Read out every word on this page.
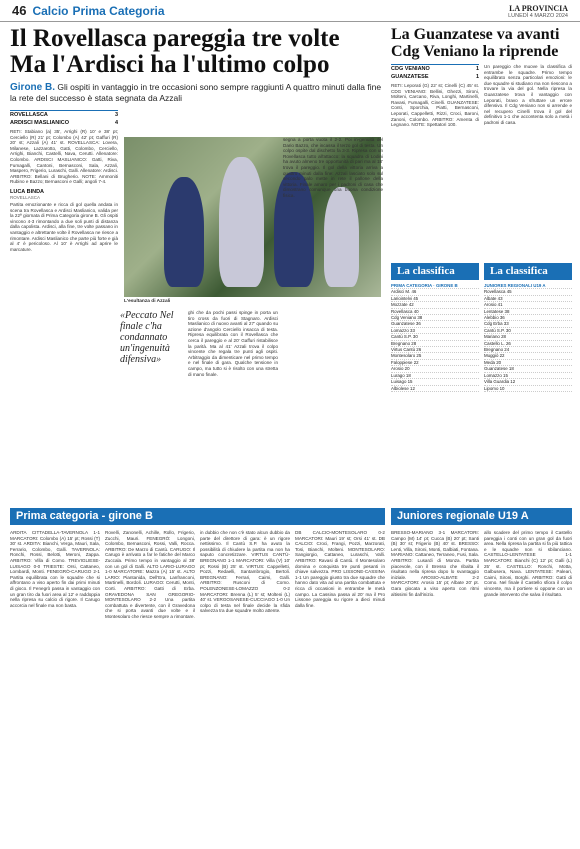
46 Calcio Prima Categoria	LA PROVINCIA
LUNEDÌ 4 MARZO 2024
Il Rovellasca pareggia tre volte
Ma l'Ardisci ha l'ultimo colpo
La Guanzatese va avanti
Cdg Veniano la riprende
Girone B. Gli ospiti in vantaggio in tre occasioni sono sempre raggiunti A quattro minuti dalla fine la rete del successo è stata segnata da Azzali
ROVELLASCA	3
ARDISCI MASLIANICO	4
RETI: Stabiano (a) 35', Arrighi (R) 10' e 38' pt; Cerciello (R) 21' pt; Colombo (A) 42' pt; Gaffuri (R) 20' st; Azzali (A) 41' st. ROVELLASCA: Lovera, Milanese, Lazzarotto, Gatti, Colombo, Cerciello, Arrighi, Bianchi, Castelli, Nava, Cerutti. Allenatore: Colombo. ARDISCI MASLIANICO: Gatti, Riva, Fumagalli, Cantoni, Bernasconi, Sala, Azzali, Maspero, Frigerio, Luraschi, Galli. Allenatore: Ardisci. ARBITRO: Bellani di Brugherio. NOTE: Ammoniti Rubino e Bazzo; Bernasconi e Galli; angoli 7-4.
LUCA BINDA
ROVELLASCA
Partita emozionante e ricca di gol quella andata in scena tra Rovellasca e Ardisci Maslianico, valida per la 22ª giornata di Prima Categoria girone B. Gli ospiti vincono 4-3 rimontando a due soli punti di distanza dalla capolista. Ardisci, alla fine, tre volte passano in vantaggio e altrettante volte il Rovellasca ne riesce a rimontare. Ardisci Maslianico che parte più forte e già al 4' è pericoloso. Al 10' è Arrighi ad aprire le marcature.
L'esultanza di Azzali
«Peccato Nel finale c'ha condannato un'ingenuità difensiva»
ghi che da pochi passi spinge in porta un tiro cross da fuori di Stagnaro. Ardisci Maslianico di nuovo avanti al 27' quando su azione d'angolo Cerciello insacca di testa. Ripresa equilibrata con il Rovellasca che cerca il pareggio e al 20' Gaffuri ristabilisce la parità. Ma al 41' Azzali trova il colpo vincente che regala tre punti agli ospiti. Arbitraggio da dimenticare nel primo tempo e nel finale di gara. Qualche tensione in campo, ma tutto si è risolto con una stretta di mano finale.
segna a porta vuota il 2-2. Poi in-genuità del Dario Bazzo, che incassa il terzo gol di testa. Un colpo ospite dal dischetto fa 3-3. Ripresa con un Rovellasca tutto all'attacco: la squadra di Lodini ha avuto almeno tre opportunità di pari ma al 18' trova il pareggio. Il gol della vittoria arriva a quattro minuti dalla fine: Azzali lasciato solo sul secondo palo mette in rete il pallone della vittoria. Finale amaro per i padroni di casa che dimostrano comunque una buona condizione fisica.
CDG VENIANO	1
GUANZATESE	1
RETI: Leporati (G) 22' st; Cinelli (C) 45' st. CDG VENIANO: Bellini, Ghezzi, Sironi, Molteni, Carcano, Riva, Longhi, Martinelli, Ravasi, Fumagalli, Cinelli. GUANZATESE: Conti, Sporchia, Piatti, Bernasconi, Leporati, Cappelletti, Rizzi, Croci, Baroni, Zanoni, Colombo. ARBITRO: Amenta di Legnano. NOTE: Spettatori 100.
Un pareggio che muove la classifica di entrambe le squadre. Primo tempo equilibrato senza particolari emozioni: le due squadre si studiano ma non riescono a trovare la via del gol. Nella ripresa la Guanzatese trova il vantaggio con Leporati, bravo a sfruttare un errore difensivo. Il Cdg Veniano non si arrende e nel recupero Cinelli trova il gol del definitivo 1-1 che accontenta solo a metà i padroni di casa.
La classifica
PRIMA CATEGORIA · GIRONE B
Ardisci M. 46
Lariointelvi 45
Mozzate 42
Rovellasca 40
Cdg Veniano 38
Guanzatese 36
Lomazzo 33
Cantù S.P. 30
Bregnano 28
Virtus Cantù 26
Montesolaro 25
Faloppiese 22
Arosio 20
Lurago 18
Luisago 15
Albiolese 12
La classifica
JUNIORES REGIONALI U19 A
Rovellasca 45
Albate 43
Arosio 41
Lentatese 38
Alebbio 36
Cdg Erba 33
Cantù S.P. 30
Mariano 28
Castello L. 26
Bregnano 24
Muggiò 22
Meda 20
Guanzatese 18
Lomazzo 15
Villa Guardia 12
Lipomo 10
Prima categoria - girone B	Juniores regionale U19 A
ARDITA CITTADELLA-TAVERNOLA 1-1 MARCATORI: Colombo (A) 15' pt; Rossi (T) 30' st. ARDITA: Bianchi, Verga, Mauri, Sala, Ferrario, Colombo, Galli. TAVERNOLA: Ronchi, Rossi, Belotti, Meroni, Zappa. ARBITRO: Villa di Como. TREVIGLIESE-LUISAGO 0-0 TRIESTE: Orsi, Cattaneo, Lombardi, Monti. FENEGRÒ-CARUGO 2-1 Partita equilibrata con le squadre che si affrontano a viso aperto fin dai primi minuti di gioco. Il Fenegrò passa in vantaggio con un gran tiro da fuori area al 12' e raddoppia nella ripresa su calcio di rigore. Il Carugo accorcia nel finale ma non basta.
Rovelli, Zanonelli, Achille, Rollo, Frigerio, Zucchi, Mauri. FENEGRÒ: Longoni, Colombo, Bernasconi, Rossi, Valli, Rocca. ARBITRO: De Marzo di Cantù. CARUGO: Il Carugo è arrivato a far le fatiche del Marco Zuccala. Primo tempo in vantaggio al 38' con un gol di Galli. ALTO LARIO-LURAGO 1-0 MARCATORE: Mazza (A) 15' st. ALTO LARIO: Piantanida, Dell'Era, Lanfranconi, Martinelli, Bordoli. LURAGO: Cerutti, Monti, Corti. ARBITRO: Gatti di Erba. GRAVEDONA SAN GREGORIO-MONTESOLARO 2-2 Una partita combattuta e divertente, con il Gravedona che si porta avanti due volte e il Montesolaro che riesce sempre a rimontare.
in dubbio che non c'è stato alcun dubbio da parte del direttore di gara: è un rigore nettissimo. Il Cantù S.P. ha avuto la possibilità di chiudere la partita ma non ha saputo concretizzare. VIRTUS CANTÙ-BREGNANO 1-1 MARCATORI: Villa (V) 10' pt; Rossi (B) 25' st. VIRTUS: Cappelletti, Pozzi, Redaelli, Santambrogio, Bertoli. BREGNANO: Ferrari, Caimi, Galli. ARBITRO: Rusconi di Como. POLENZONESE-LOMAZZO 0-2 MARCATORI: Brenna (L) 5' st; Molteni (L) 40' st. VERGOSANESE-CUCCIAGO 1-0 Un colpo di testa nel finale decide la sfida salvezza tra due squadre molto attente.
DB CALCIO-MONTESOLARO 0-2 MARCATORI: Mauri 19' st; Orsi 41' st. DB CALCIO: Croci, Frangi, Pozzi, Marzorati, Tosi, Bianchi, Molteni. MONTESOLARO: Sangiorgio, Cattaneo, Luraschi, Valli. ARBITRO: Ravasi di Cantù. Il Montesolaro domina e conquista tre punti pesanti in chiave salvezza. PRO LISSONE-CASSINA 1-1 Un pareggio giusto tra due squadre che hanno dato vita ad una partita combattuta e ricca di occasioni in entrambe le metà campo. La Cassina passa al 20' ma il Pro Lissone pareggia su rigore a dieci minuti dalla fine.
BRESSO-MARIANO 3-1 MARCATORI: Campo (M) 14' pt; Cucca (B) 20' pt; Santi (B) 30' st; Frigerio (B) 40' st. BRESSO: Lenti, Villa, Sironi, Monti, Galbiati, Fontana. MARIANO: Cattaneo, Terraneo, Fusi, Sala. ARBITRO: Lusardi di Monza. Partita piacevole, con il Bresso che ribalta il risultato nella ripresa dopo lo svantaggio iniziale. AROSIO-ALBATE 2-2 MARCATORI: Arosio 15' pt; Albate 20' pt. Gara giocata a viso aperto con ritmi altissimi fin dall'inizio.
allo scadere del primo tempo il Castello pareggia i conti con un gran gol da fuori area. Nella ripresa la partita si fa più tattica e le squadre non si sbilanciano. CASTELLO-LENTATESE 1-1 MARCATORI: Bianchi (C) 12' pt; Galli (L) 25' st. CASTELLO: Ronchi, Motta, Galbusera, Nava. LENTATESE: Paleari, Caimi, Sironi, Borghi. ARBITRO: Gatti di Como. Nel finale il Castello sfiora il colpo vincente, ma il portiere si oppone con un grande intervento che salva il risultato.
